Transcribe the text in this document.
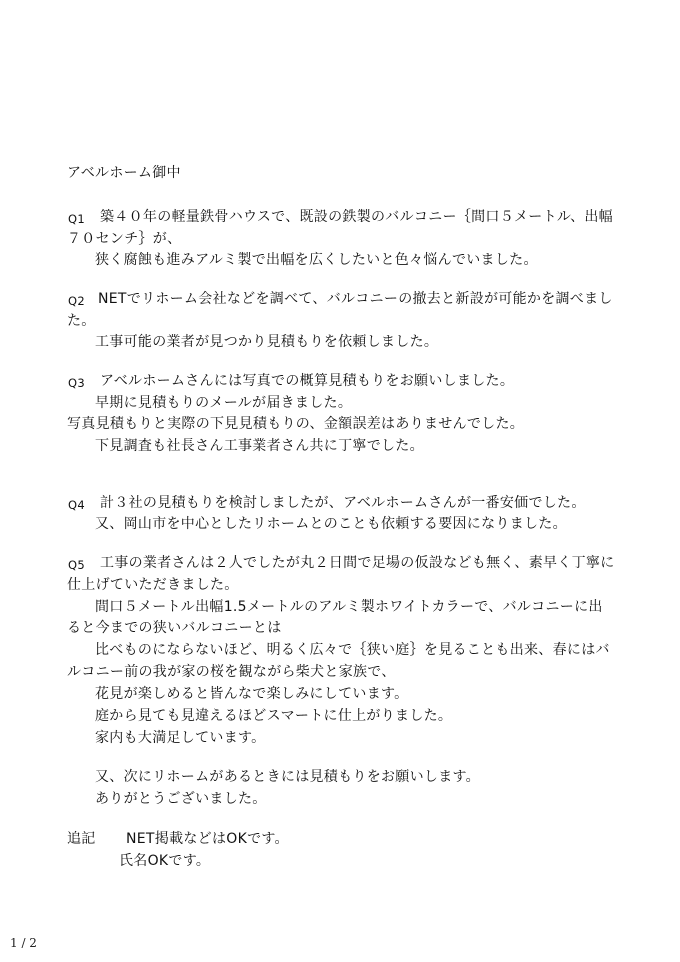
アベルホーム御中
Q1 築４０年の軽量鉄骨ハウスで、既設の鉄製のバルコニー｛間口５メートル、出幅
７０センチ｝が、
狭く腐蝕も進みアルミ製で出幅を広くしたいと色々悩んでいました。
Q2 NETでリホーム会社などを調べて、バルコニーの撤去と新設が可能かを調べまし
た。
工事可能の業者が見つかり見積もりを依頼しました。
Q3 アベルホームさんには写真での概算見積もりをお願いしました。
早期に見積もりのメールが届きました。
写真見積もりと実際の下見見積もりの、金額誤差はありませんでした。
下見調査も社長さん工事業者さん共に丁寧でした。
Q4 計３社の見積もりを検討しましたが、アベルホームさんが一番安価でした。
又、岡山市を中心としたリホームとのことも依頼する要因になりました。
Q5 工事の業者さんは２人でしたが丸２日間で足場の仮設なども無く、素早く丁寧に
仕上げていただきました。
間口５メートル出幅1.5メートルのアルミ製ホワイトカラーで、バルコニーに出
ると今までの狭いバルコニーとは
比べものにならないほど、明るく広々で｛狭い庭｝を見ることも出来、春にはバ
ルコニー前の我が家の桜を観ながら柴犬と家族で、
花見が楽しめると皆んなで楽しみにしています。
庭から見ても見違えるほどスマートに仕上がりました。
家内も大満足しています。
又、次にリホームがあるときには見積もりをお願いします。
ありがとうございました。
追記 NET掲載などはOKです。
氏名OKです。
1 / 2
